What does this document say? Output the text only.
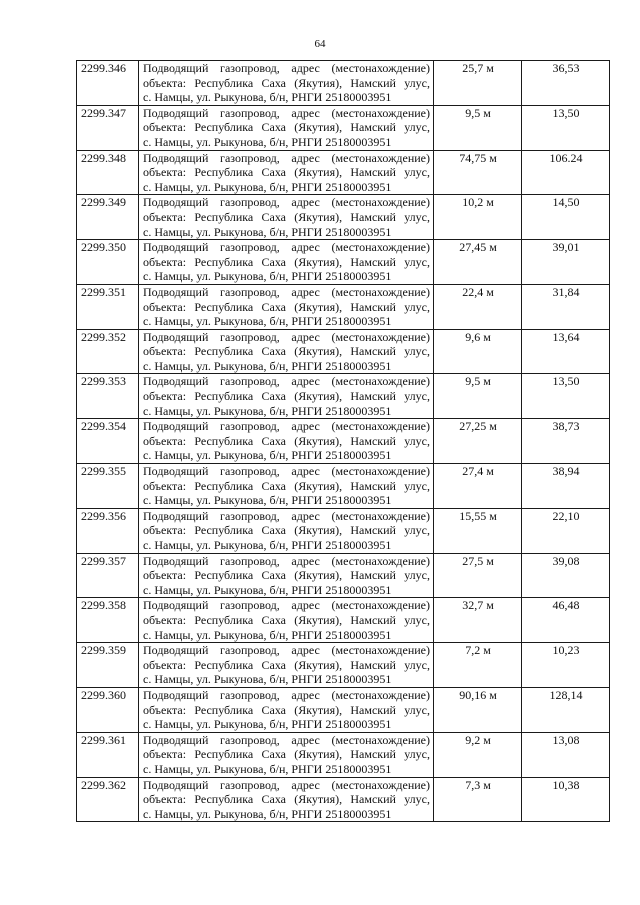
64
2299.346	Подводящий газопровод, адрес (местонахождение)
объекта: Республика Саха (Якутия), Намский улус,
с. Намцы, ул. Рыкунова, б/н, РНГИ 25180003951	25,7 м	36,53
2299.347	Подводящий газопровод, адрес (местонахождение)
объекта: Республика Саха (Якутия), Намский улус,
с. Намцы, ул. Рыкунова, б/н, РНГИ 25180003951	9,5 м	13,50
2299.348	Подводящий газопровод, адрес (местонахождение)
объекта: Республика Саха (Якутия), Намский улус,
с. Намцы, ул. Рыкунова, б/н, РНГИ 25180003951	74,75 м	106.24
2299.349	Подводящий газопровод, адрес (местонахождение)
объекта: Республика Саха (Якутия), Намский улус,
с. Намцы, ул. Рыкунова, б/н, РНГИ 25180003951	10,2 м	14,50
2299.350	Подводящий газопровод, адрес (местонахождение)
объекта: Республика Саха (Якутия), Намский улус,
с. Намцы, ул. Рыкунова, б/н, РНГИ 25180003951	27,45 м	39,01
2299.351	Подводящий газопровод, адрес (местонахождение)
объекта: Республика Саха (Якутия), Намский улус,
с. Намцы, ул. Рыкунова, б/н, РНГИ 25180003951	22,4 м	31,84
2299.352	Подводящий газопровод, адрес (местонахождение)
объекта: Республика Саха (Якутия), Намский улус,
с. Намцы, ул. Рыкунова, б/н, РНГИ 25180003951	9,6 м	13,64
2299.353	Подводящий газопровод, адрес (местонахождение)
объекта: Республика Саха (Якутия), Намский улус,
с. Намцы, ул. Рыкунова, б/н, РНГИ 25180003951	9,5 м	13,50
2299.354	Подводящий газопровод, адрес (местонахождение)
объекта: Республика Саха (Якутия), Намский улус,
с. Намцы, ул. Рыкунова, б/н, РНГИ 25180003951	27,25 м	38,73
2299.355	Подводящий газопровод, адрес (местонахождение)
объекта: Республика Саха (Якутия), Намский улус,
с. Намцы, ул. Рыкунова, б/н, РНГИ 25180003951	27,4 м	38,94
2299.356	Подводящий газопровод, адрес (местонахождение)
объекта: Республика Саха (Якутия), Намский улус,
с. Намцы, ул. Рыкунова, б/н, РНГИ 25180003951	15,55 м	22,10
2299.357	Подводящий газопровод, адрес (местонахождение)
объекта: Республика Саха (Якутия), Намский улус,
с. Намцы, ул. Рыкунова, б/н, РНГИ 25180003951	27,5 м	39,08
2299.358	Подводящий газопровод, адрес (местонахождение)
объекта: Республика Саха (Якутия), Намский улус,
с. Намцы, ул. Рыкунова, б/н, РНГИ 25180003951	32,7 м	46,48
2299.359	Подводящий газопровод, адрес (местонахождение)
объекта: Республика Саха (Якутия), Намский улус,
с. Намцы, ул. Рыкунова, б/н, РНГИ 25180003951	7,2 м	10,23
2299.360	Подводящий газопровод, адрес (местонахождение)
объекта: Республика Саха (Якутия), Намский улус,
с. Намцы, ул. Рыкунова, б/н, РНГИ 25180003951	90,16 м	128,14
2299.361	Подводящий газопровод, адрес (местонахождение)
объекта: Республика Саха (Якутия), Намский улус,
с. Намцы, ул. Рыкунова, б/н, РНГИ 25180003951	9,2 м	13,08
2299.362	Подводящий газопровод, адрес (местонахождение)
объекта: Республика Саха (Якутия), Намский улус,
с. Намцы, ул. Рыкунова, б/н, РНГИ 25180003951	7,3 м	10,38
